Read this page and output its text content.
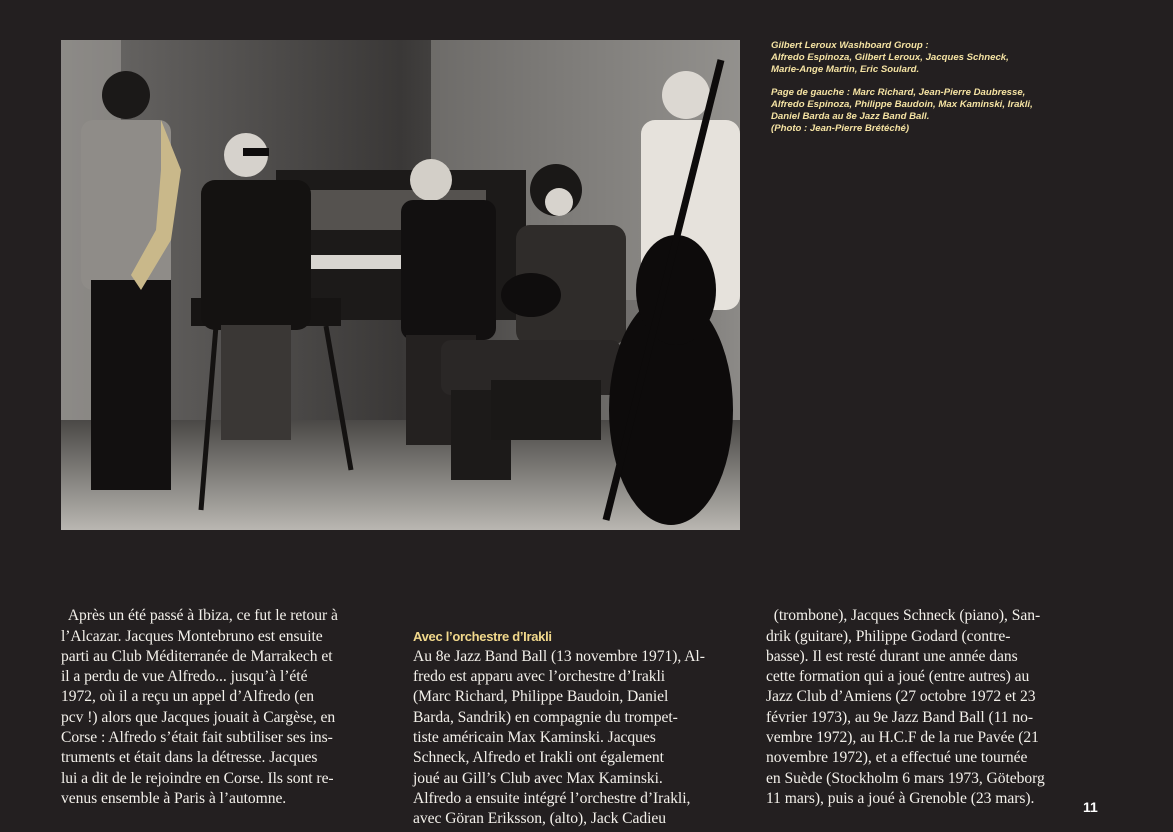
Gilbert Leroux Washboard Group :
Alfredo Espinoza, Gilbert Leroux, Jacques Schneck,
Marie-Ange Martin, Eric Soulard.

Page de gauche : Marc Richard, Jean-Pierre Daubresse,
Alfredo Espinoza, Philippe Baudoin, Max Kaminski, Irakli,
Daniel Barda au 8e Jazz Band Ball.
(Photo : Jean-Pierre Brétéché)

Après un été passé à Ibiza, ce fut le retour à
l’Alcazar. Jacques Montebruno est ensuite
parti au Club Méditerranée de Marrakech et
il a perdu de vue Alfredo... jusqu’à l’été
1972, où il a reçu un appel d’Alfredo (en
pcv !) alors que Jacques jouait à Cargèse, en
Corse : Alfredo s’était fait subtiliser ses ins-
truments et était dans la détresse. Jacques
lui a dit de le rejoindre en Corse. Ils sont re-
venus ensemble à Paris à l’automne.

Avec l’orchestre d’Irakli
Au 8e Jazz Band Ball (13 novembre 1971), Al-
fredo est apparu avec l’orchestre d’Irakli
(Marc Richard, Philippe Baudoin, Daniel
Barda, Sandrik) en compagnie du trompet-
tiste américain Max Kaminski. Jacques
Schneck, Alfredo et Irakli ont également
joué au Gill’s Club avec Max Kaminski.
Alfredo a ensuite intégré l’orchestre d’Irakli,
avec Göran Eriksson, (alto), Jack Cadieu

(trombone), Jacques Schneck (piano), San-
drik (guitare), Philippe Godard (contre-
basse). Il est resté durant une année dans
cette formation qui a joué (entre autres) au
Jazz Club d’Amiens (27 octobre 1972 et 23
février 1973), au 9e Jazz Band Ball (11 no-
vembre 1972), au H.C.F de la rue Pavée (21
novembre 1972), et a effectué une tournée
en Suède (Stockholm 6 mars 1973, Göteborg
11 mars), puis a joué à Grenoble (23 mars).

11
